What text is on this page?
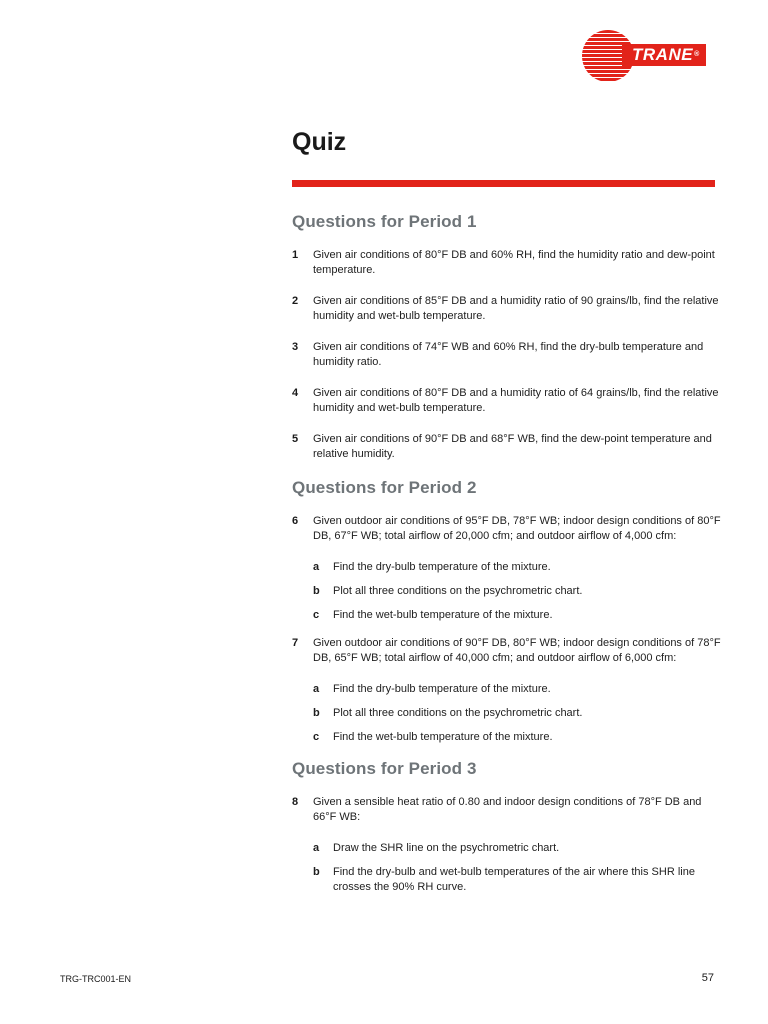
TRANE®
Quiz
Questions for Period 1
1	Given air conditions of 80°F DB and 60% RH, find the humidity ratio and dew-point temperature.
2	Given air conditions of 85°F DB and a humidity ratio of 90 grains/lb, find the relative humidity and wet-bulb temperature.
3	Given air conditions of 74°F WB and 60% RH, find the dry-bulb temperature and humidity ratio.
4	Given air conditions of 80°F DB and a humidity ratio of 64 grains/lb, find the relative humidity and wet-bulb temperature.
5	Given air conditions of 90°F DB and 68°F WB, find the dew-point temperature and relative humidity.
Questions for Period 2
6	Given outdoor air conditions of 95°F DB, 78°F WB; indoor design conditions of 80°F DB, 67°F WB; total airflow of 20,000 cfm; and outdoor airflow of 4,000 cfm:
a	Find the dry-bulb temperature of the mixture.
b	Plot all three conditions on the psychrometric chart.
c	Find the wet-bulb temperature of the mixture.
7	Given outdoor air conditions of 90°F DB, 80°F WB; indoor design conditions of 78°F DB, 65°F WB; total airflow of 40,000 cfm; and outdoor airflow of 6,000 cfm:
a	Find the dry-bulb temperature of the mixture.
b	Plot all three conditions on the psychrometric chart.
c	Find the wet-bulb temperature of the mixture.
Questions for Period 3
8	Given a sensible heat ratio of 0.80 and indoor design conditions of 78°F DB and 66°F WB:
a	Draw the SHR line on the psychrometric chart.
b	Find the dry-bulb and wet-bulb temperatures of the air where this SHR line crosses the 90% RH curve.
TRG-TRC001-EN	57
